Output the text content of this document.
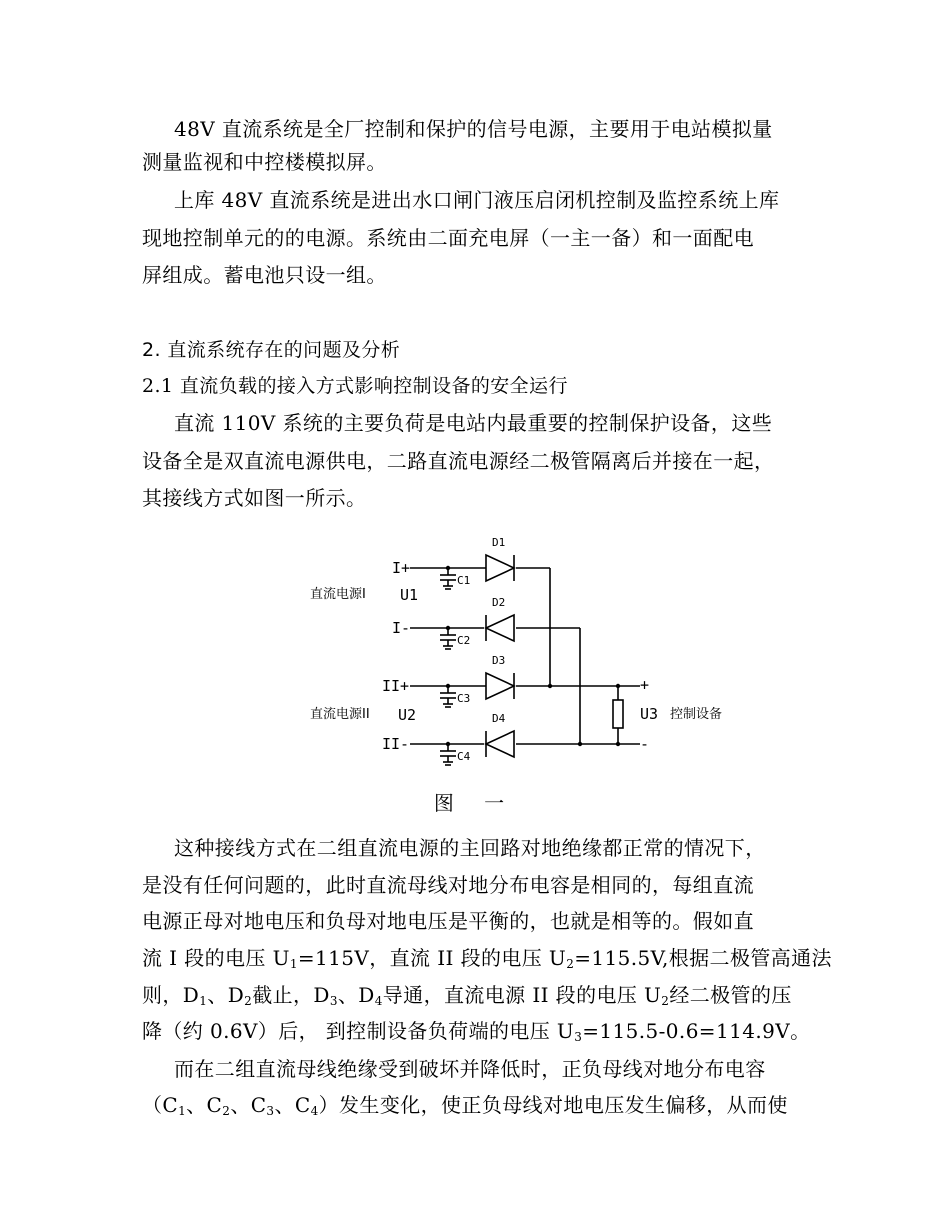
48V 直流系统是全厂控制和保护的信号电源，主要用于电站模拟量
测量监视和中控楼模拟屏。
上库 48V 直流系统是进出水口闸门液压启闭机控制及监控系统上库
现地控制单元的的电源。系统由二面充电屏（一主一备）和一面配电
屏组成。蓄电池只设一组。
2. 直流系统存在的问题及分析
2.1 直流负载的接入方式影响控制设备的安全运行
直流 110V 系统的主要负荷是电站内最重要的控制保护设备，这些
设备全是双直流电源供电，二路直流电源经二极管隔离后并接在一起，
其接线方式如图一所示。
D1
D2
D3
D4
C1
C2
C3
C4
I+
I-
II+
II-
U1
U2	U3
+
-
直流电源I
直流电源II	控制设备
图 一
这种接线方式在二组直流电源的主回路对地绝缘都正常的情况下，
是没有任何问题的，此时直流母线对地分布电容是相同的，每组直流
电源正母对地电压和负母对地电压是平衡的，也就是相等的。假如直
流 I 段的电压 $U_1=115V$，直流 II 段的电压 $U_2=115.5V$,根据二极管高通法
则，$D_1$、$D_2$截止，$D_3$、$D_4$导通，直流电源 II 段的电压 $U_2$经二极管的压
降（约 0.6V）后， 到控制设备负荷端的电压 $U_3=115.5-0.6=114.9V$。
而在二组直流母线绝缘受到破坏并降低时，正负母线对地分布电容
（$C_1$、$C_2$、$C_3$、$C_4$）发生变化，使正负母线对地电压发生偏移，从而使
